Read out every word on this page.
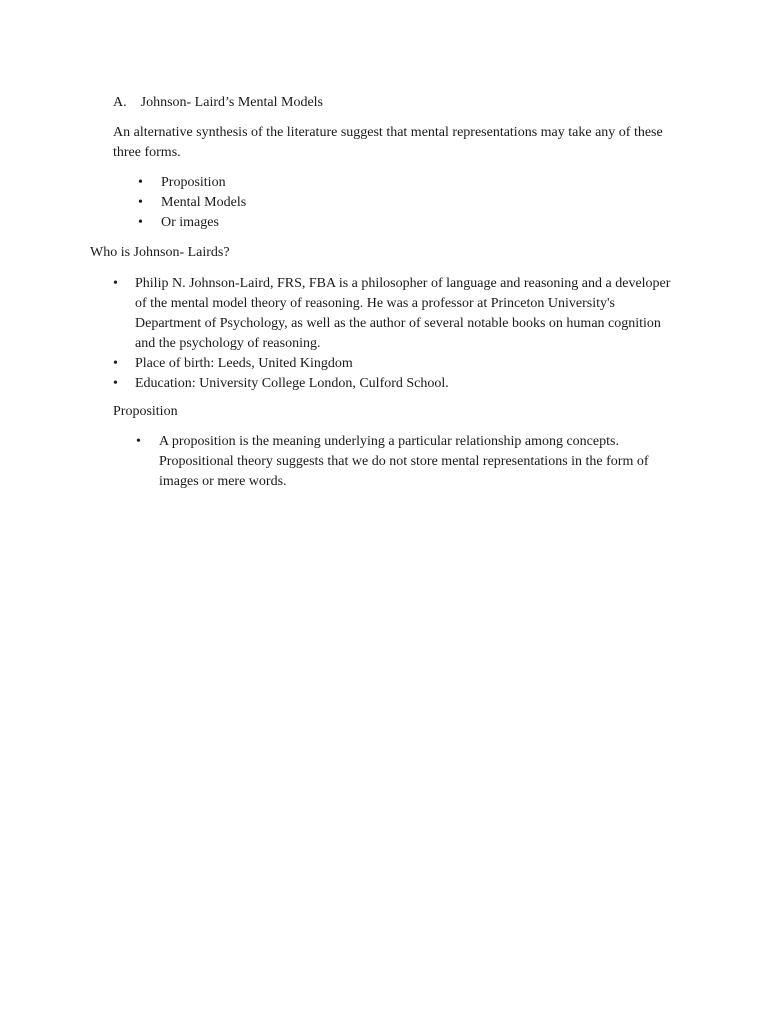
A. Johnson- Laird’s Mental Models
An alternative synthesis of the literature suggest that mental representations may take any of these three forms.
• Proposition
• Mental Models
• Or images
Who is Johnson- Lairds?
• Philip N. Johnson-Laird, FRS, FBA is a philosopher of language and reasoning and a developer of the mental model theory of reasoning. He was a professor at Princeton University's Department of Psychology, as well as the author of several notable books on human cognition and the psychology of reasoning.
• Place of birth: Leeds, United Kingdom
• Education: University College London, Culford School.
Proposition
• A proposition is the meaning underlying a particular relationship among concepts. Propositional theory suggests that we do not store mental representations in the form of images or mere words.
